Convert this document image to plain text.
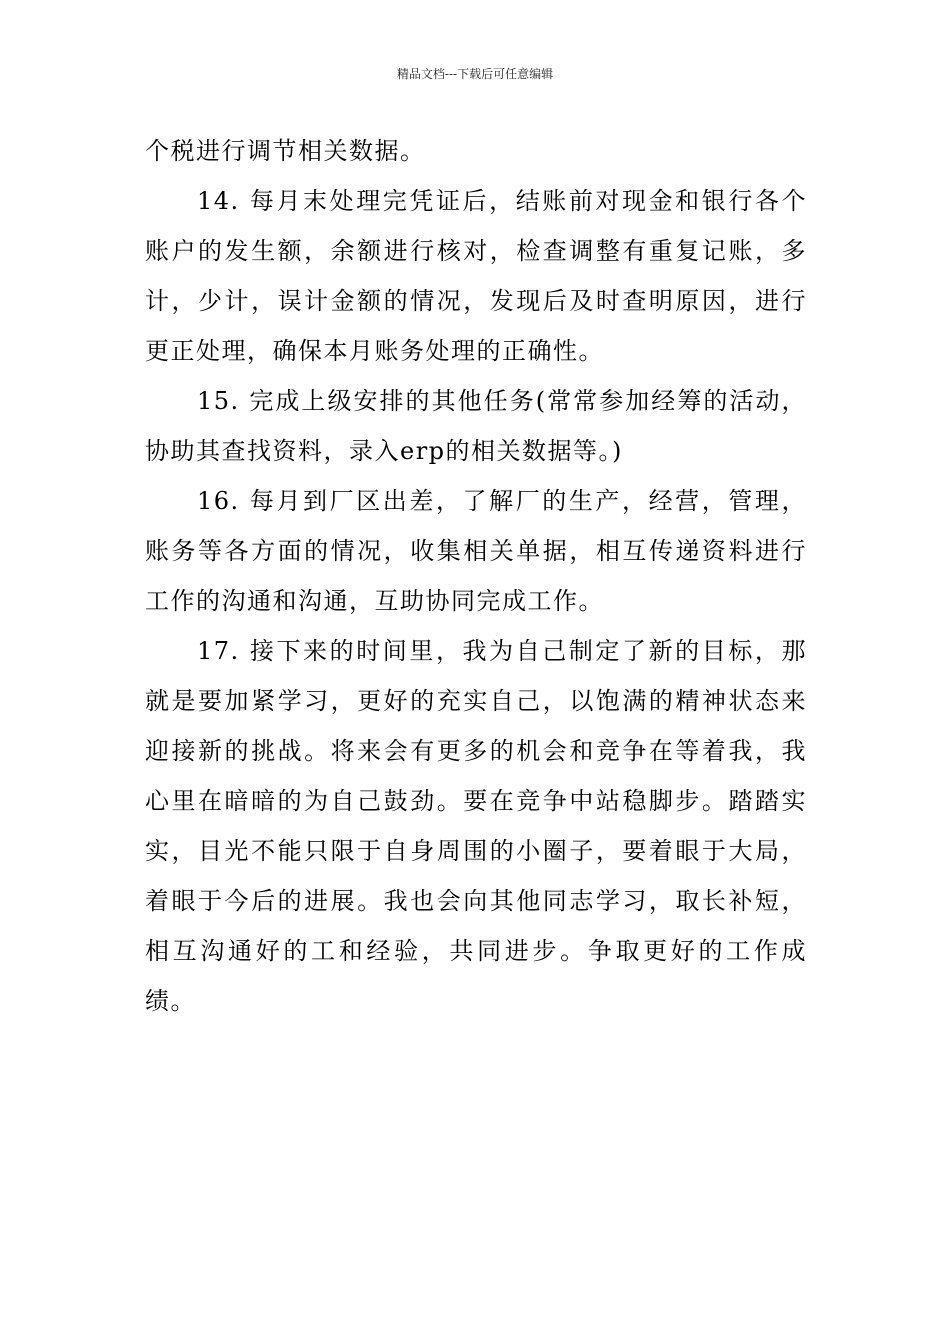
精品文档---下载后可任意编辑

个税进行调节相关数据。

14. 每月末处理完凭证后，结账前对现金和银行各个账户的发生额，余额进行核对，检查调整有重复记账，多计，少计，误计金额的情况，发现后及时查明原因，进行更正处理，确保本月账务处理的正确性。

15. 完成上级安排的其他任务(常常参加经筹的活动，协助其查找资料，录入erp的相关数据等。)

16. 每月到厂区出差，了解厂的生产，经营，管理，账务等各方面的情况，收集相关单据，相互传递资料进行工作的沟通和沟通，互助协同完成工作。

17. 接下来的时间里，我为自己制定了新的目标，那就是要加紧学习，更好的充实自己，以饱满的精神状态来迎接新的挑战。将来会有更多的机会和竞争在等着我，我心里在暗暗的为自己鼓劲。要在竞争中站稳脚步。踏踏实实，目光不能只限于自身周围的小圈子，要着眼于大局，着眼于今后的进展。我也会向其他同志学习，取长补短，相互沟通好的工和经验，共同进步。争取更好的工作成绩。
